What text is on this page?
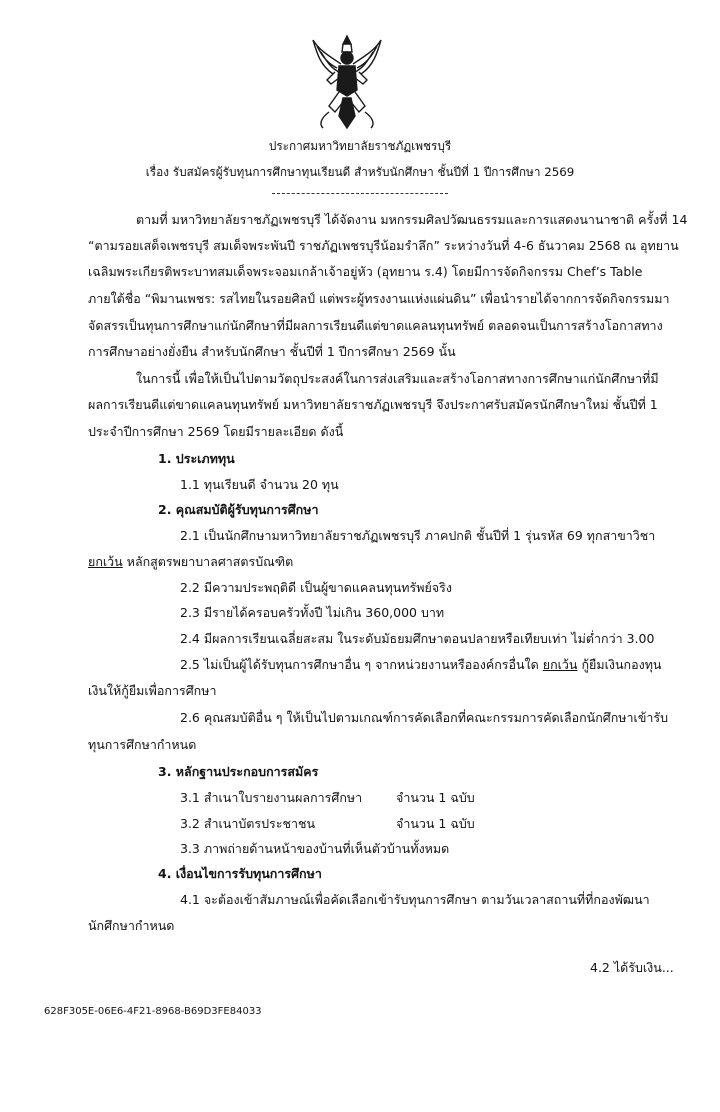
ประกาศมหาวิทยาลัยราชภัฏเพชรบุรี
เรื่อง รับสมัครผู้รับทุนการศึกษาทุนเรียนดี สำหรับนักศึกษา ชั้นปีที่ 1 ปีการศึกษา 2569
ตามที่ มหาวิทยาลัยราชภัฏเพชรบุรี ได้จัดงาน มหกรรมศิลปวัฒนธรรมและการแสดงนานาชาติ ครั้งที่ 14
“ตามรอยเสด็จเพชรบุรี สมเด็จพระพันปี ราชภัฏเพชรบุรีน้อมรำลึก” ระหว่างวันที่ 4-6 ธันวาคม 2568 ณ อุทยาน
เฉลิมพระเกียรติพระบาทสมเด็จพระจอมเกล้าเจ้าอยู่หัว (อุทยาน ร.4) โดยมีการจัดกิจกรรม Chef’s Table
ภายใต้ชื่อ “พิมานเพชร: รสไทยในรอยศิลป์ แต่พระผู้ทรงงานแห่งแผ่นดิน” เพื่อนำรายได้จากการจัดกิจกรรมมา
จัดสรรเป็นทุนการศึกษาแก่นักศึกษาที่มีผลการเรียนดีแต่ขาดแคลนทุนทรัพย์ ตลอดจนเป็นการสร้างโอกาสทาง
การศึกษาอย่างยั่งยืน สำหรับนักศึกษา ชั้นปีที่ 1 ปีการศึกษา 2569 นั้น
ในการนี้ เพื่อให้เป็นไปตามวัตถุประสงค์ในการส่งเสริมและสร้างโอกาสทางการศึกษาแก่นักศึกษาที่มี
ผลการเรียนดีแต่ขาดแคลนทุนทรัพย์ มหาวิทยาลัยราชภัฏเพชรบุรี จึงประกาศรับสมัครนักศึกษาใหม่ ชั้นปีที่ 1
ประจำปีการศึกษา 2569 โดยมีรายละเอียด ดังนี้
1. ประเภททุน
1.1 ทุนเรียนดี จำนวน 20 ทุน
2. คุณสมบัติผู้รับทุนการศึกษา
2.1 เป็นนักศึกษามหาวิทยาลัยราชภัฏเพชรบุรี ภาคปกติ ชั้นปีที่ 1 รุ่นรหัส 69 ทุกสาขาวิชา
ยกเว้น หลักสูตรพยาบาลศาสตรบัณฑิต
2.2 มีความประพฤติดี เป็นผู้ขาดแคลนทุนทรัพย์จริง
2.3 มีรายได้ครอบครัวทั้งปี ไม่เกิน 360,000 บาท
2.4 มีผลการเรียนเฉลี่ยสะสม ในระดับมัธยมศึกษาตอนปลายหรือเทียบเท่า ไม่ต่ำกว่า 3.00
2.5 ไม่เป็นผู้ได้รับทุนการศึกษาอื่น ๆ จากหน่วยงานหรือองค์กรอื่นใด ยกเว้น กู้ยืมเงินกองทุน
เงินให้กู้ยืมเพื่อการศึกษา
2.6 คุณสมบัติอื่น ๆ ให้เป็นไปตามเกณฑ์การคัดเลือกที่คณะกรรมการคัดเลือกนักศึกษาเข้ารับ
ทุนการศึกษากำหนด
3. หลักฐานประกอบการสมัคร
3.1 สำเนาใบรายงานผลการศึกษา	จำนวน 1 ฉบับ
3.2 สำเนาบัตรประชาชน	จำนวน 1 ฉบับ
3.3 ภาพถ่ายด้านหน้าของบ้านที่เห็นตัวบ้านทั้งหมด
4. เงื่อนไขการรับทุนการศึกษา
4.1 จะต้องเข้าสัมภาษณ์เพื่อคัดเลือกเข้ารับทุนการศึกษา ตามวันเวลาสถานที่ที่กองพัฒนา
นักศึกษากำหนด
4.2 ได้รับเงิน...
628F305E-06E6-4F21-8968-B69D3FE84033
